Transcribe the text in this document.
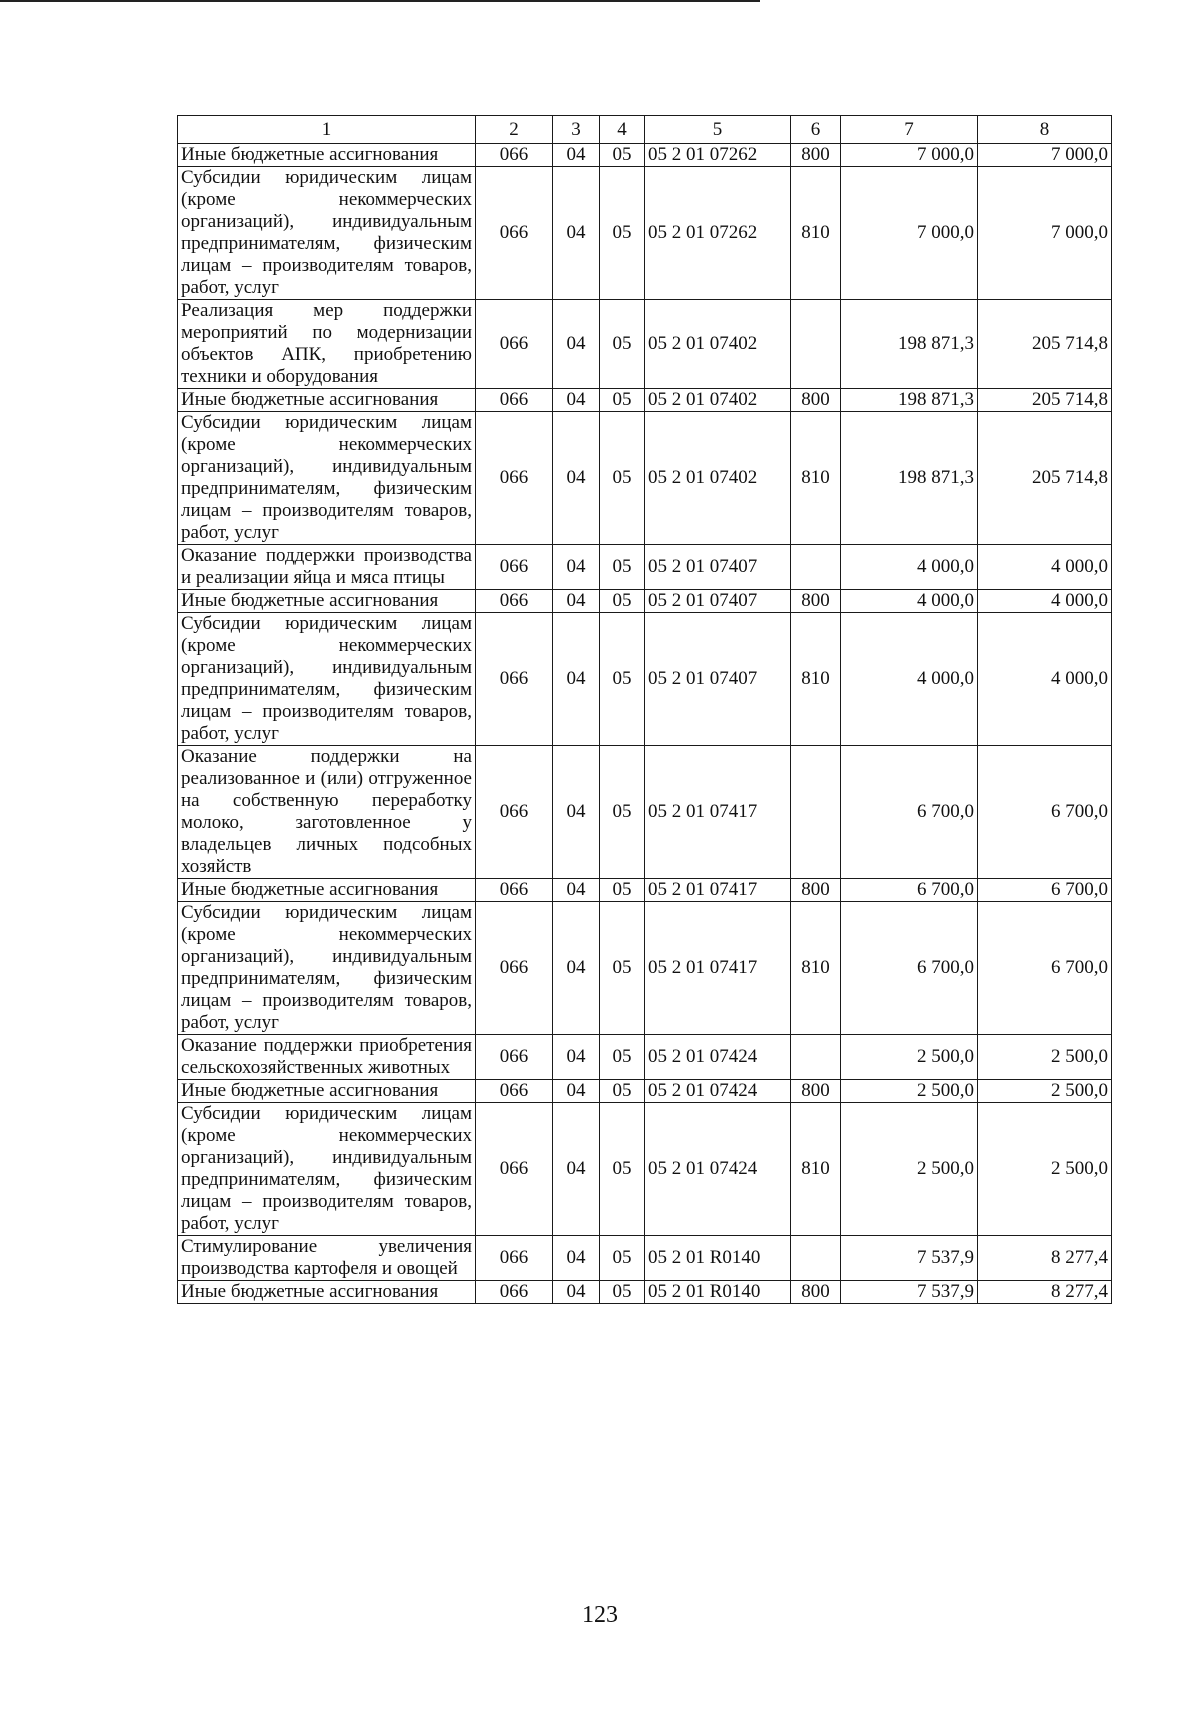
1	2	3	4	5	6	7	8
Иные бюджетные ассигнования	066	04	05	05 2 01 07262	800	7 000,0	7 000,0
Субсидии юридическим лицам (кроме некоммерческих организаций), индивидуальным предпринимателям, физическим лицам – производителям товаров, работ, услуг	066	04	05	05 2 01 07262	810	7 000,0	7 000,0
Реализация мер поддержки мероприятий по модернизации объектов АПК, приобретению техники и оборудования	066	04	05	05 2 01 07402		198 871,3	205 714,8
Иные бюджетные ассигнования	066	04	05	05 2 01 07402	800	198 871,3	205 714,8
Субсидии юридическим лицам (кроме некоммерческих организаций), индивидуальным предпринимателям, физическим лицам – производителям товаров, работ, услуг	066	04	05	05 2 01 07402	810	198 871,3	205 714,8
Оказание поддержки производства и реализации яйца и мяса птицы	066	04	05	05 2 01 07407		4 000,0	4 000,0
Иные бюджетные ассигнования	066	04	05	05 2 01 07407	800	4 000,0	4 000,0
Субсидии юридическим лицам (кроме некоммерческих организаций), индивидуальным предпринимателям, физическим лицам – производителям товаров, работ, услуг	066	04	05	05 2 01 07407	810	4 000,0	4 000,0
Оказание поддержки на реализованное и (или) отгруженное на собственную переработку молоко, заготовленное у владельцев личных подсобных хозяйств	066	04	05	05 2 01 07417		6 700,0	6 700,0
Иные бюджетные ассигнования	066	04	05	05 2 01 07417	800	6 700,0	6 700,0
Субсидии юридическим лицам (кроме некоммерческих организаций), индивидуальным предпринимателям, физическим лицам – производителям товаров, работ, услуг	066	04	05	05 2 01 07417	810	6 700,0	6 700,0
Оказание поддержки приобретения сельскохозяйственных животных	066	04	05	05 2 01 07424		2 500,0	2 500,0
Иные бюджетные ассигнования	066	04	05	05 2 01 07424	800	2 500,0	2 500,0
Субсидии юридическим лицам (кроме некоммерческих организаций), индивидуальным предпринимателям, физическим лицам – производителям товаров, работ, услуг	066	04	05	05 2 01 07424	810	2 500,0	2 500,0
Стимулирование увеличения производства картофеля и овощей	066	04	05	05 2 01 R0140		7 537,9	8 277,4
Иные бюджетные ассигнования	066	04	05	05 2 01 R0140	800	7 537,9	8 277,4
123
